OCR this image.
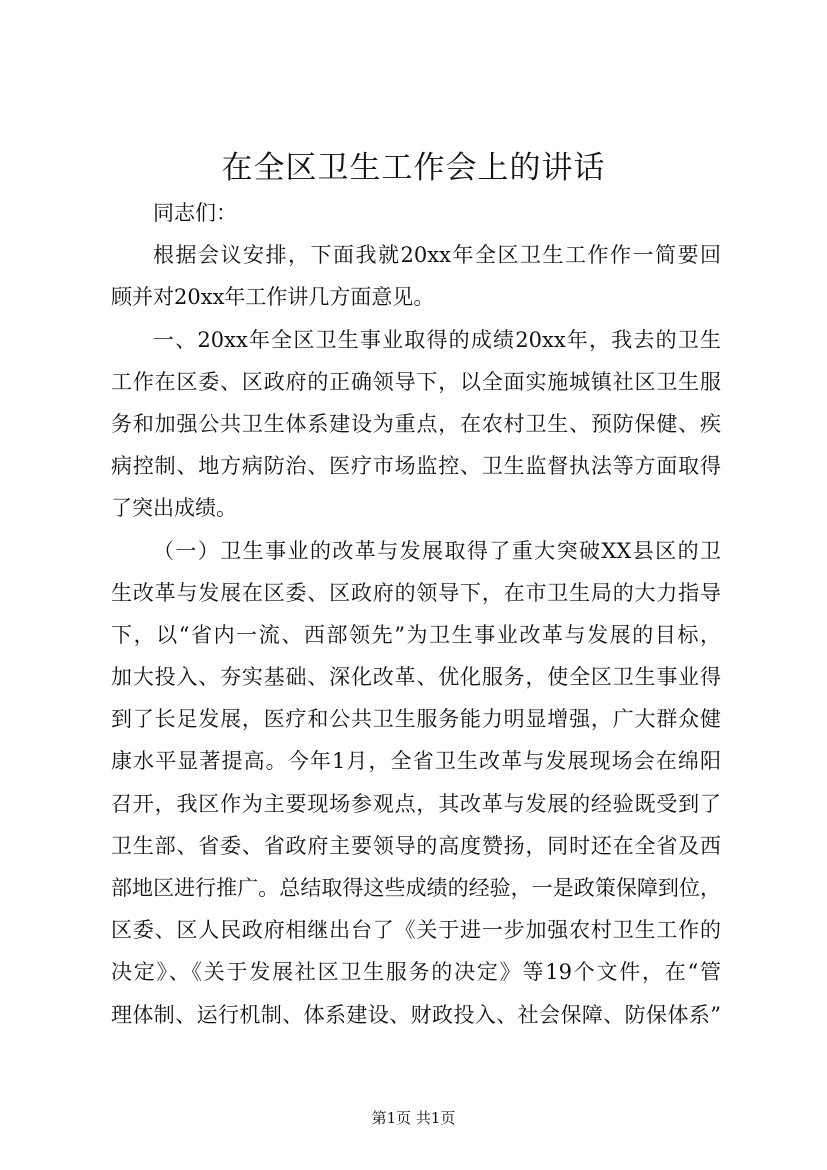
在全区卫生工作会上的讲话
同志们：
根据会议安排，下面我就20xx年全区卫生工作作一简要回
顾并对20xx年工作讲几方面意见。
一、20xx年全区卫生事业取得的成绩20xx年，我去的卫生
工作在区委、区政府的正确领导下，以全面实施城镇社区卫生服
务和加强公共卫生体系建设为重点，在农村卫生、预防保健、疾
病控制、地方病防治、医疗市场监控、卫生监督执法等方面取得
了突出成绩。
（一）卫生事业的改革与发展取得了重大突破XX县区的卫
生改革与发展在区委、区政府的领导下，在市卫生局的大力指导
下，以“省内一流、西部领先”为卫生事业改革与发展的目标，
加大投入、夯实基础、深化改革、优化服务，使全区卫生事业得
到了长足发展，医疗和公共卫生服务能力明显增强，广大群众健
康水平显著提高。今年1月，全省卫生改革与发展现场会在绵阳
召开，我区作为主要现场参观点，其改革与发展的经验既受到了
卫生部、省委、省政府主要领导的高度赞扬，同时还在全省及西
部地区进行推广。总结取得这些成绩的经验，一是政策保障到位，
区委、区人民政府相继出台了《关于进一步加强农村卫生工作的
决定》、《关于发展社区卫生服务的决定》等19个文件，在“管
理体制、运行机制、体系建设、财政投入、社会保障、防保体系”
第1页 共1页
